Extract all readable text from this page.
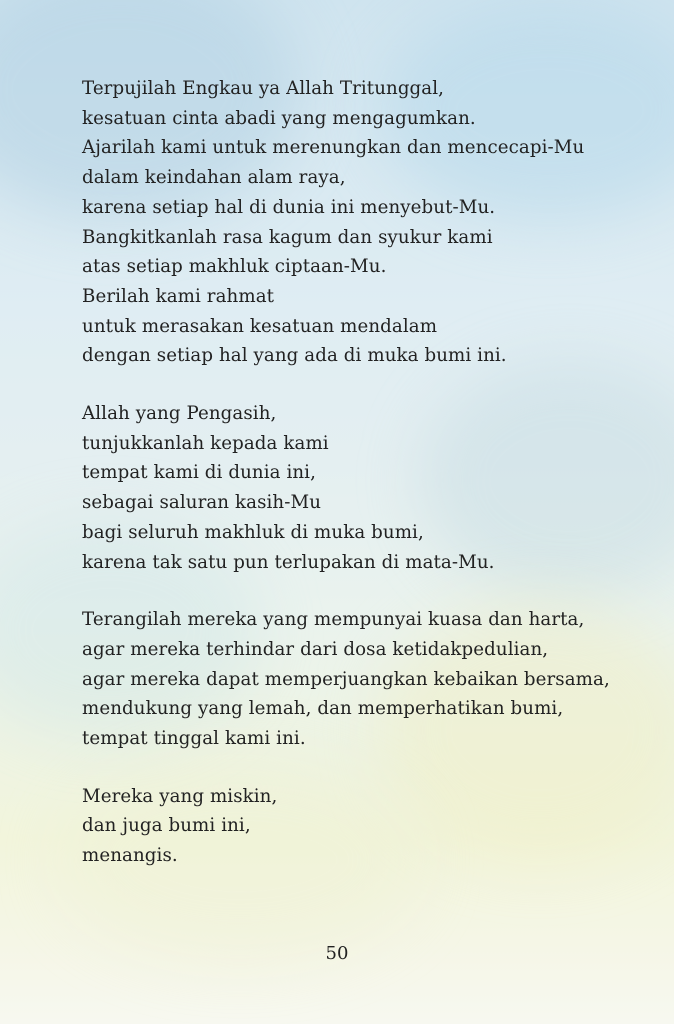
Terpujilah Engkau ya Allah Tritunggal,
kesatuan cinta abadi yang mengagumkan.
Ajarilah kami untuk merenungkan dan mencecapi-Mu
dalam keindahan alam raya,
karena setiap hal di dunia ini menyebut-Mu.
Bangkitkanlah rasa kagum dan syukur kami
atas setiap makhluk ciptaan-Mu.
Berilah kami rahmat
untuk merasakan kesatuan mendalam
dengan setiap hal yang ada di muka bumi ini.
Allah yang Pengasih,
tunjukkanlah kepada kami
tempat kami di dunia ini,
sebagai saluran kasih-Mu
bagi seluruh makhluk di muka bumi,
karena tak satu pun terlupakan di mata-Mu.
Terangilah mereka yang mempunyai kuasa dan harta,
agar mereka terhindar dari dosa ketidakpedulian,
agar mereka dapat memperjuangkan kebaikan bersama,
mendukung yang lemah, dan memperhatikan bumi,
tempat tinggal kami ini.
Mereka yang miskin,
dan juga bumi ini,
menangis.
50
